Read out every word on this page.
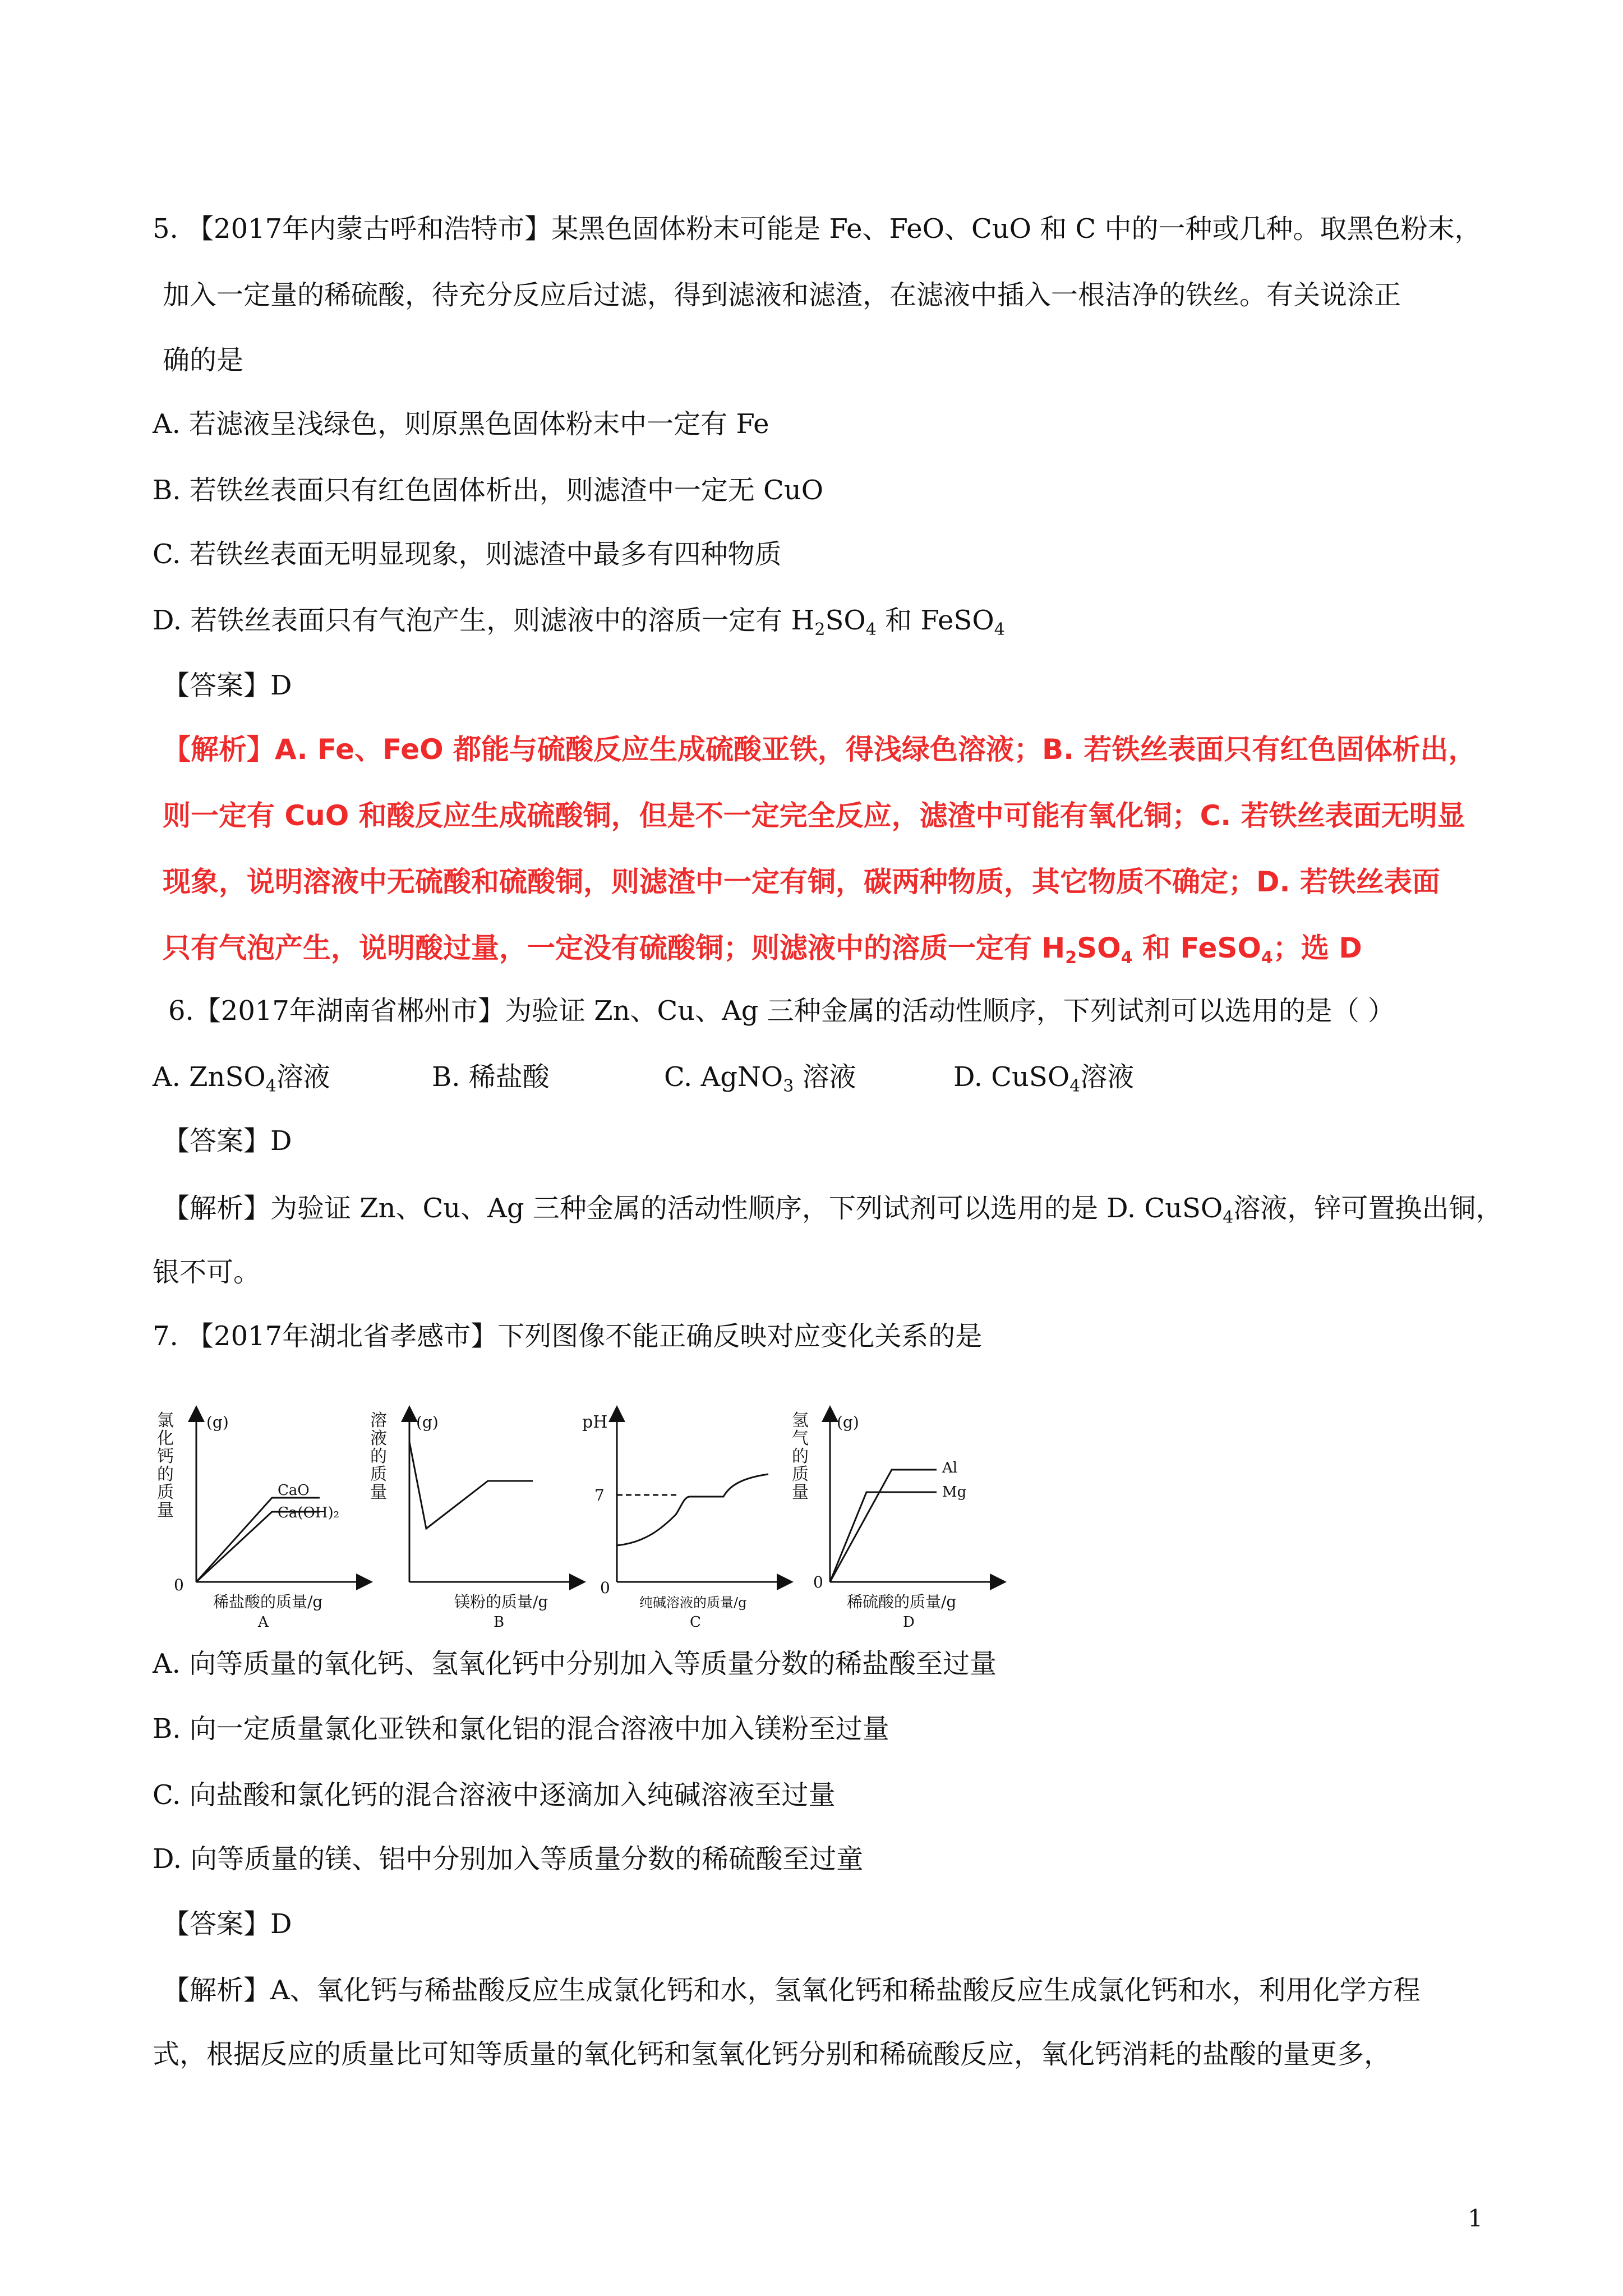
5. 【2017年内蒙古呼和浩特市】某黑色固体粉末可能是 Fe、FeO、CuO 和 C 中的一种或几种。取黑色粉末，
加入一定量的稀硫酸，待充分反应后过滤，得到滤液和滤渣，在滤液中插入一根洁净的铁丝。有关说涂正
确的是
A. 若滤液呈浅绿色，则原黑色固体粉末中一定有 Fe
B. 若铁丝表面只有红色固体析出，则滤渣中一定无 CuO
C. 若铁丝表面无明显现象，则滤渣中最多有四种物质
D. 若铁丝表面只有气泡产生，则滤液中的溶质一定有 $H_2SO_4$ 和 FeSO$_4$
【答案】D
【解析】A. Fe、FeO 都能与硫酸反应生成硫酸亚铁，得浅绿色溶液；B. 若铁丝表面只有红色固体析出，
则一定有 CuO 和酸反应生成硫酸铜，但是不一定完全反应，滤渣中可能有氧化铜；C. 若铁丝表面无明显
现象，说明溶液中无硫酸和硫酸铜，则滤渣中一定有铜，碳两种物质，其它物质不确定；D. 若铁丝表面
只有气泡产生，说明酸过量，一定没有硫酸铜；则滤液中的溶质一定有 $H_2SO_4$ 和 FeSO$_4$；选 D
6.【2017年湖南省郴州市】为验证 Zn、Cu、Ag 三种金属的活动性顺序，下列试剂可以选用的是（ ）
A. ZnSO$_4$溶液	B. 稀盐酸	C. AgNO$_3$ 溶液	D. CuSO$_4$溶液
【答案】D
【解析】为验证 Zn、Cu、Ag 三种金属的活动性顺序，下列试剂可以选用的是 D. CuSO$_4$溶液，锌可置换出铜，
银不可。
7. 【2017年湖北省孝感市】下列图像不能正确反映对应变化关系的是
氯化钙的质量
(g)
0
CaO
Ca(OH)₂
稀盐酸的质量/g
A
溶液的质量
(g)
镁粉的质量/g
B
pH
7
0
纯碱溶液的质量/g
C
氢气的质量
(g)
0
Al
Mg
稀硫酸的质量/g
D
A. 向等质量的氧化钙、氢氧化钙中分别加入等质量分数的稀盐酸至过量
B. 向一定质量氯化亚铁和氯化铝的混合溶液中加入镁粉至过量
C. 向盐酸和氯化钙的混合溶液中逐滴加入纯碱溶液至过量
D. 向等质量的镁、铝中分别加入等质量分数的稀硫酸至过童
【答案】D
【解析】A、氧化钙与稀盐酸反应生成氯化钙和水，氢氧化钙和稀盐酸反应生成氯化钙和水，利用化学方程
式，根据反应的质量比可知等质量的氧化钙和氢氧化钙分别和稀硫酸反应，氧化钙消耗的盐酸的量更多，
1
